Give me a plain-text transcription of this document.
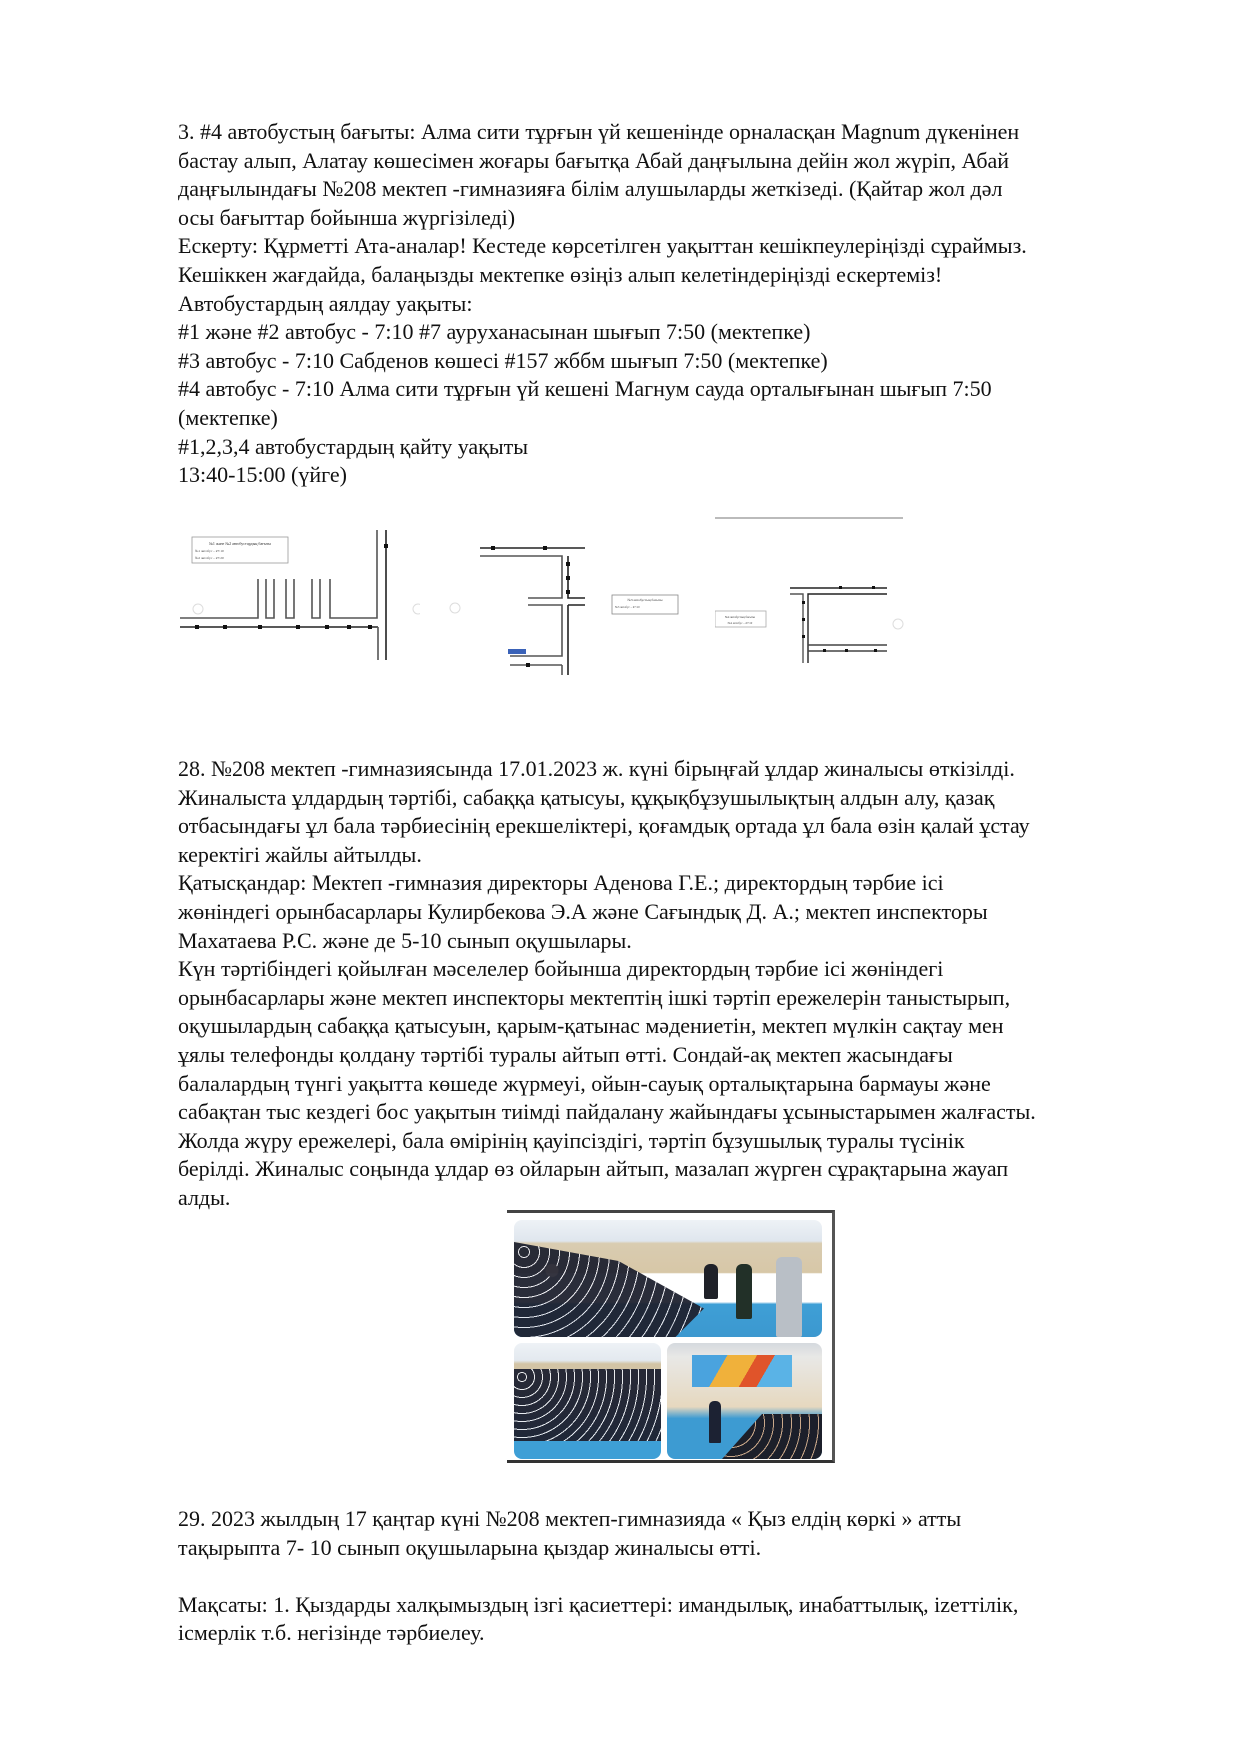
3. #4 автобустың бағыты: Алма сити тұрғын үй кешенінде орналасқан Magnum дүкенінен

бастау алып, Алатау көшесімен жоғары бағытқа Абай даңғылына дейін жол жүріп, Абай

даңғылындағы №208 мектеп -гимназияға білім алушыларды жеткізеді. (Қайтар жол дәл

осы бағыттар бойынша жүргізіледі)

Ескерту: Құрметті Ата-аналар! Кестеде көрсетілген уақыттан кешікпеулеріңізді сұраймыз.

Кешіккен жағдайда, балаңызды мектепке өзіңіз алып келетіндеріңізді ескертеміз!

Автобустардың аялдау уақыты:

#1 және #2 автобус - 7:10 #7 ауруханасынан шығып 7:50 (мектепке)

#3 автобус - 7:10 Сабденов көшесі #157 жббм шығып 7:50 (мектепке)

#4 автобус - 7:10 Алма сити тұрғын үй кешені Магнум сауда орталығынан шығып 7:50

(мектепке)

#1,2,3,4 автобустардың қайту уақыты

13:40-15:00 (үйге)

№1 және №2 автобустардың бағыты
№1 автобус – #7:10
№2 автобус – #7:20
№3 автобустың бағыты
№3 автобус – #7:10
№4 автобустың бағыты
№4 автобус – #7:10

28. №208 мектеп -гимназиясында 17.01.2023 ж. күні бірыңғай ұлдар жиналысы өткізілді.

Жиналыста ұлдардың тәртібі, сабаққа қатысуы, құқықбұзушылықтың алдын алу, қазақ

отбасындағы ұл бала тәрбиесінің ерекшеліктері, қоғамдық ортада ұл бала өзін қалай ұстау

керектігі жайлы айтылды.

Қатысқандар: Мектеп -гимназия директоры Аденова Г.Е.; директордың тәрбие ісі

жөніндегі орынбасарлары Кулирбекова Э.А және Сағындық Д. А.; мектеп инспекторы

Махатаева Р.С. және де 5-10 сынып оқушылары.

Күн тәртібіндегі қойылған мәселелер бойынша директордың тәрбие ісі жөніндегі

орынбасарлары және мектеп инспекторы мектептің ішкі тәртіп ережелерін таныстырып,

оқушылардың сабаққа қатысуын, қарым-қатынас мәдениетін, мектеп мүлкін сақтау мен

ұялы телефонды қолдану тәртібі туралы айтып өтті. Сондай-ақ мектеп жасындағы

балалардың түнгі уақытта көшеде жүрмеуі, ойын-сауық орталықтарына бармауы және

сабақтан тыс кездегі бос уақытын тиімді пайдалану жайындағы ұсыныстарымен жалғасты.

Жолда жүру ережелері, бала өмірінің қауіпсіздігі, тәртіп бұзушылық туралы түсінік

берілді. Жиналыс соңында ұлдар өз ойларын айтып, мазалап жүрген сұрақтарына жауап

алды.

29. 2023 жылдың 17 қаңтар күні №208 мектеп-гимназияда « Қыз елдің көркі » атты

тақырыпта 7- 10 сынып оқушыларына қыздар жиналысы өтті.

Мақсаты: 1. Қыздарды халқымыздың ізгі қасиеттері: имандылық, инабаттылық, izеттілік,

ісмерлік т.б. негізінде тәрбиелеу.
